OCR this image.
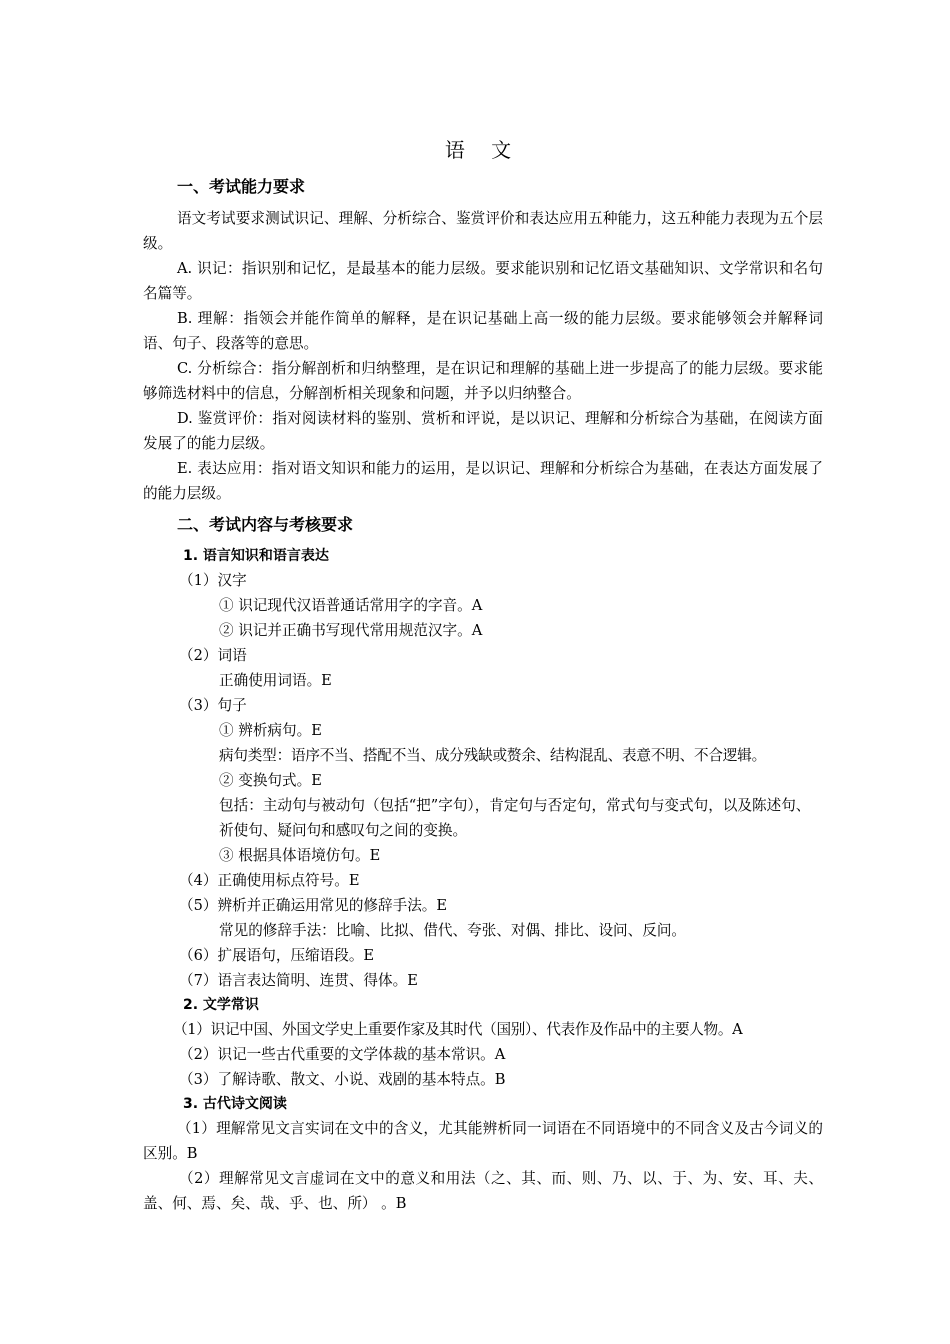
语 文
一、考试能力要求
语文考试要求测试识记、理解、分析综合、鉴赏评价和表达应用五种能力，这五种能力表现为五个层级。
A. 识记：指识别和记忆，是最基本的能力层级。要求能识别和记忆语文基础知识、文学常识和名句名篇等。
B. 理解：指领会并能作简单的解释，是在识记基础上高一级的能力层级。要求能够领会并解释词语、句子、段落等的意思。
C. 分析综合：指分解剖析和归纳整理，是在识记和理解的基础上进一步提高了的能力层级。要求能够筛选材料中的信息，分解剖析相关现象和问题，并予以归纳整合。
D. 鉴赏评价：指对阅读材料的鉴别、赏析和评说，是以识记、理解和分析综合为基础，在阅读方面发展了的能力层级。
E. 表达应用：指对语文知识和能力的运用，是以识记、理解和分析综合为基础，在表达方面发展了的能力层级。
二、考试内容与考核要求
1. 语言知识和语言表达
（1）汉字
① 识记现代汉语普通话常用字的字音。A
② 识记并正确书写现代常用规范汉字。A
（2）词语
正确使用词语。E
（3）句子
① 辨析病句。E
病句类型：语序不当、搭配不当、成分残缺或赘余、结构混乱、表意不明、不合逻辑。
② 变换句式。E
包括：主动句与被动句（包括“把”字句），肯定句与否定句，常式句与变式句，以及陈述句、祈使句、疑问句和感叹句之间的变换。
③ 根据具体语境仿句。E
（4）正确使用标点符号。E
（5）辨析并正确运用常见的修辞手法。E
常见的修辞手法：比喻、比拟、借代、夸张、对偶、排比、设问、反问。
（6）扩展语句，压缩语段。E
（7）语言表达简明、连贯、得体。E
2. 文学常识
（1）识记中国、外国文学史上重要作家及其时代（国别）、代表作及作品中的主要人物。A
（2）识记一些古代重要的文学体裁的基本常识。A
（3）了解诗歌、散文、小说、戏剧的基本特点。B
3. 古代诗文阅读
（1）理解常见文言实词在文中的含义，尤其能辨析同一词语在不同语境中的不同含义及古今词义的区别。B
（2）理解常见文言虚词在文中的意义和用法（之、其、而、则、乃、以、于、为、安、耳、夫、盖、何、焉、矣、哉、乎、也、所） 。B
